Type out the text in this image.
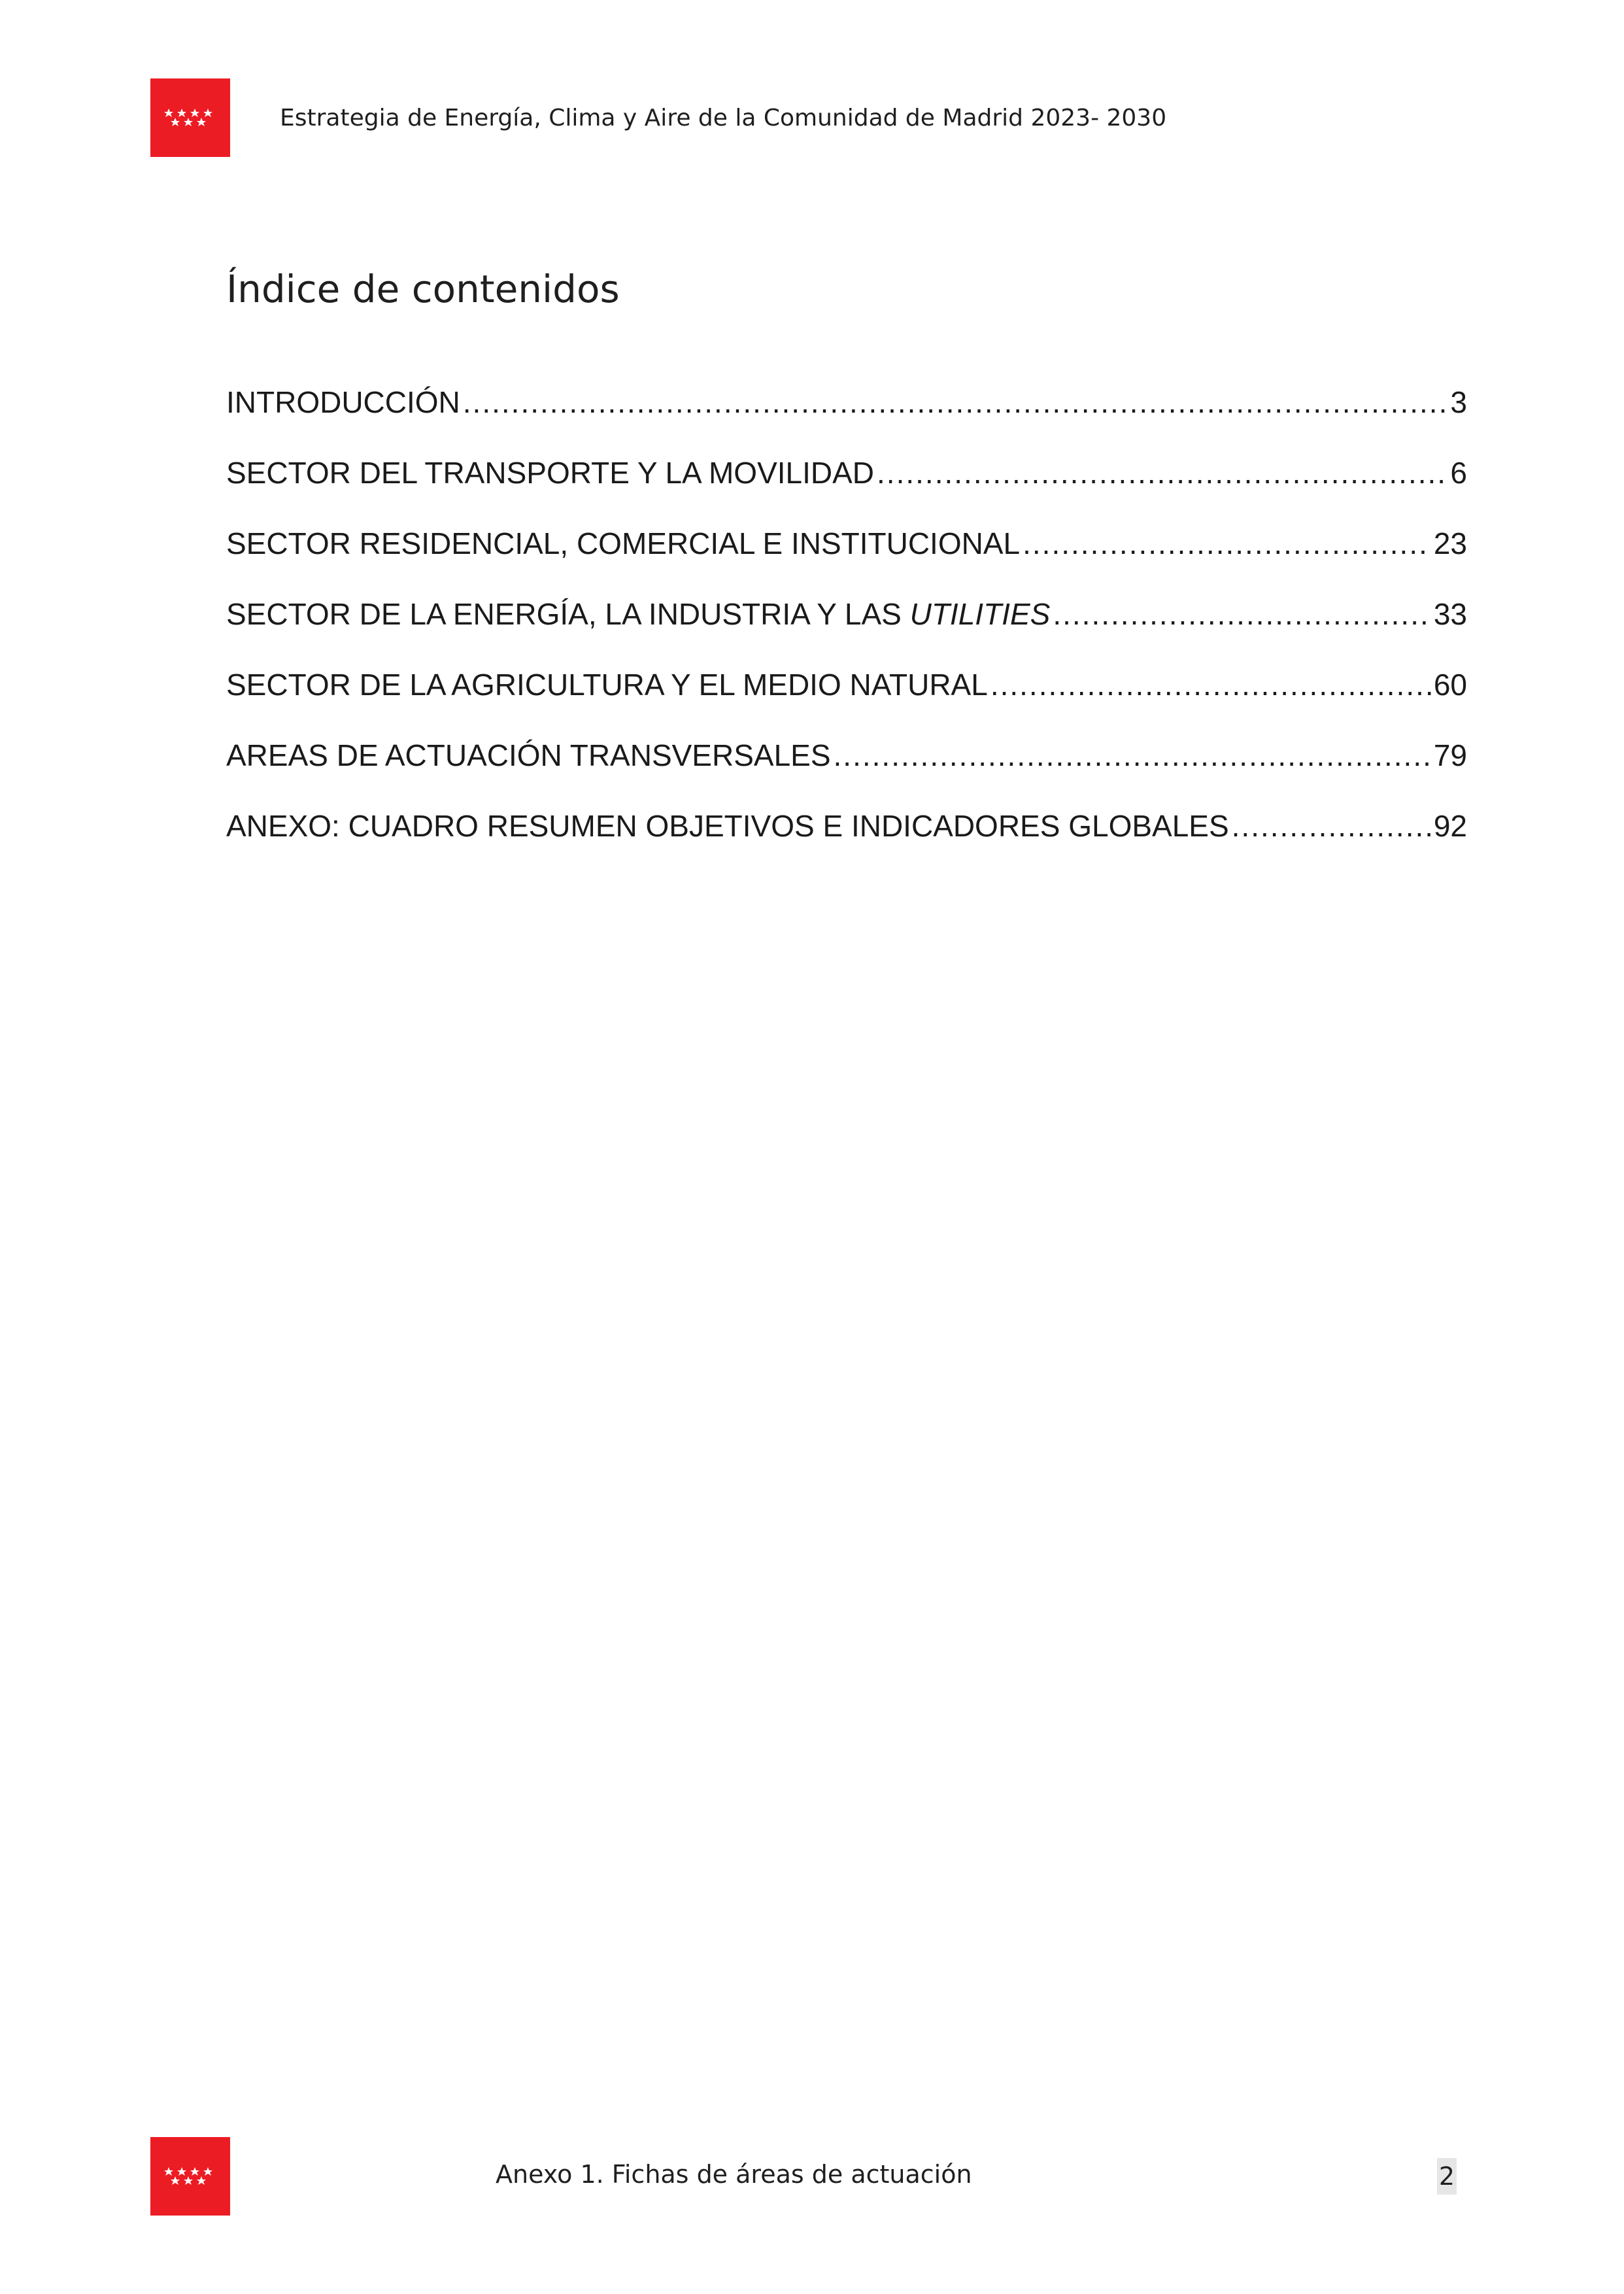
Estrategia de Energía, Clima y Aire de la Comunidad de Madrid 2023- 2030
Índice de contenidos
INTRODUCCIÓN .....	3
SECTOR DEL TRANSPORTE Y LA MOVILIDAD .....	6
SECTOR RESIDENCIAL, COMERCIAL E INSTITUCIONAL .....	23
SECTOR DE LA ENERGÍA, LA INDUSTRIA Y LAS UTILITIES .....	33
SECTOR DE LA AGRICULTURA Y EL MEDIO NATURAL .....	60
AREAS DE ACTUACIÓN TRANSVERSALES .....	79
ANEXO: CUADRO RESUMEN OBJETIVOS E INDICADORES GLOBALES .....	92
Anexo 1. Fichas de áreas de actuación	2
